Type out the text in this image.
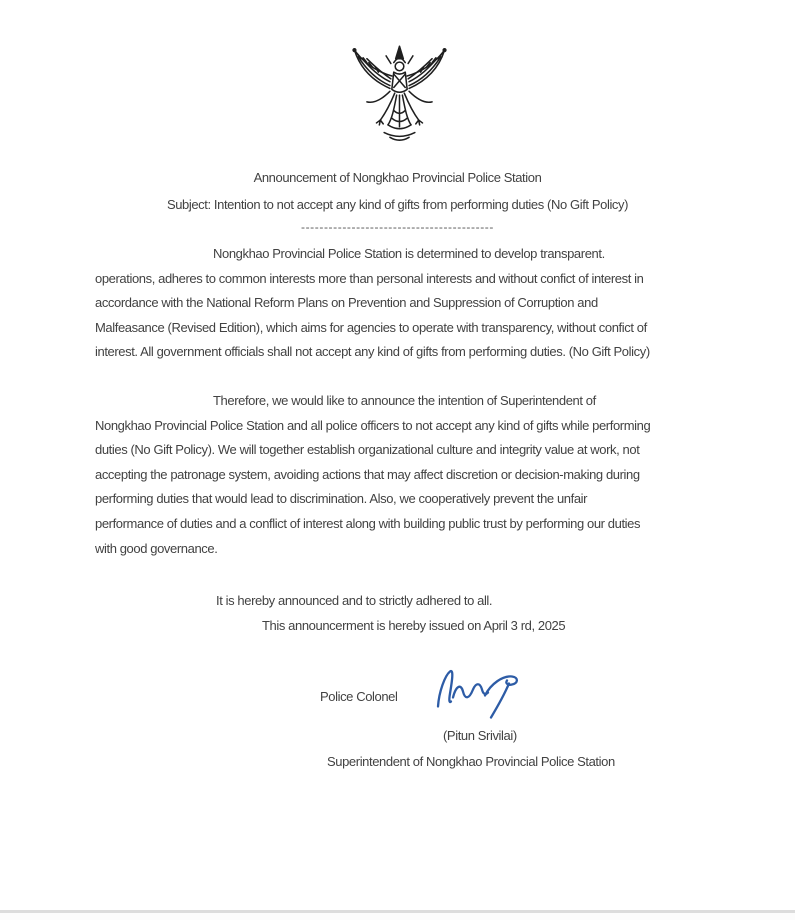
Announcement of Nongkhao Provincial Police Station
Subject: Intention to not accept any kind of gifts from performing duties (No Gift Policy)
------------------------------------------
Nongkhao Provincial Police Station is determined to develop transparent.
operations, adheres to common interests more than personal interests and without confict of interest in
accordance with the National Reform Plans on Prevention and Suppression of Corruption and
Malfeasance (Revised Edition), which aims for agencies to operate with transparency, without confict of
interest. All government officials shall not accept any kind of gifts from performing duties. (No Gift Policy)
Therefore, we would like to announce the intention of Superintendent of
Nongkhao Provincial Police Station and all police officers to not accept any kind of gifts while performing
duties (No Gift Policy). We will together establish organizational culture and integrity value at work, not
accepting the patronage system, avoiding actions that may affect discretion or decision-making during
performing duties that would lead to discrimination. Also, we cooperatively prevent the unfair
performance of duties and a conflict of interest along with building public trust by performing our duties
with good governance.
It is hereby announced and to strictly adhered to all.
This announcerment is hereby issued on April 3 rd, 2025
Police Colonel
(Pitun Srivilai)
Superintendent of Nongkhao Provincial Police Station
